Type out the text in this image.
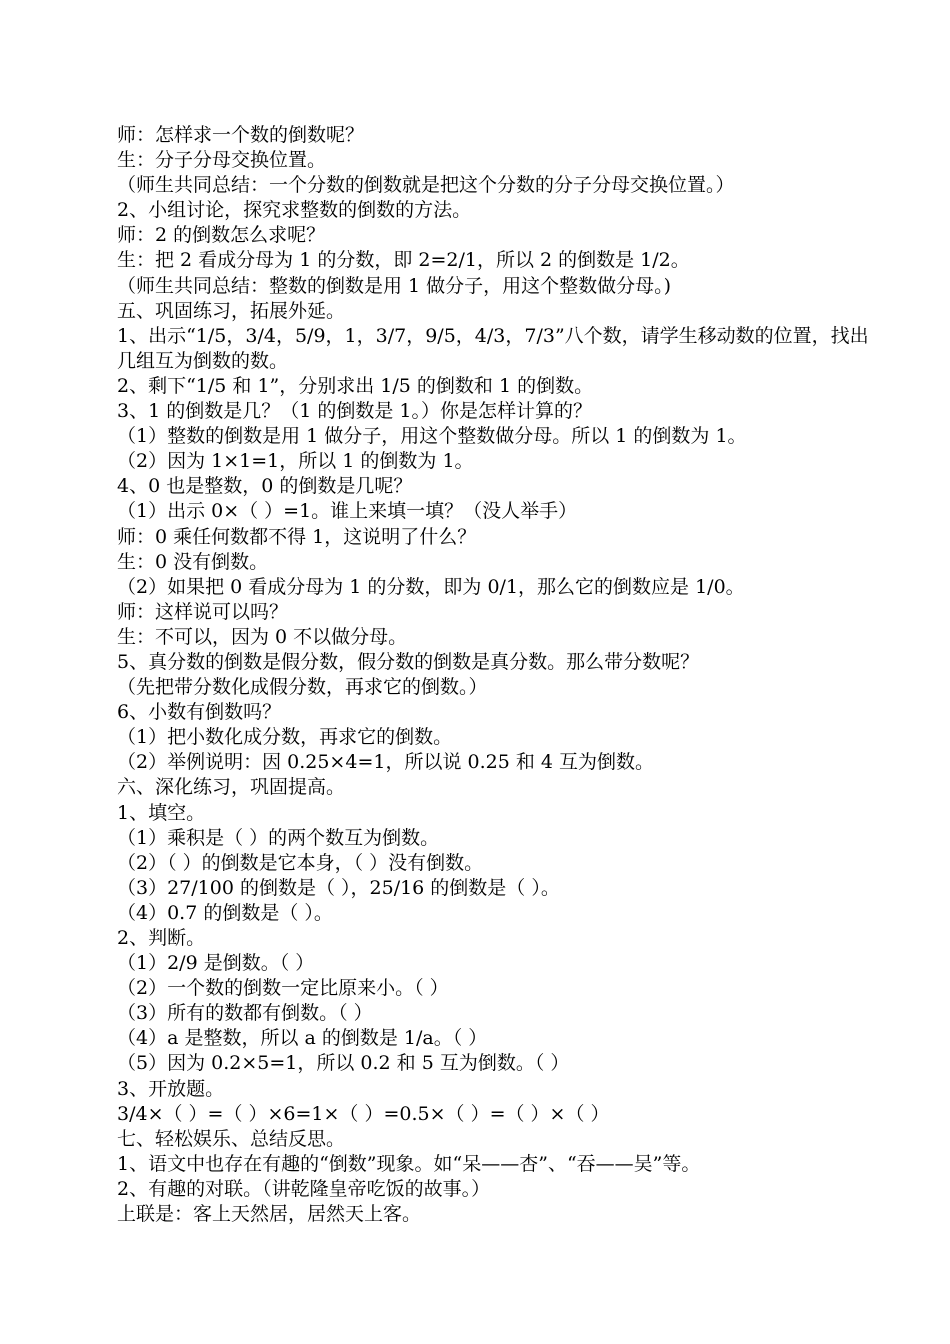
师：怎样求一个数的倒数呢？

生：分子分母交换位置。

（师生共同总结：一个分数的倒数就是把这个分数的分子分母交换位置。）

2、小组讨论，探究求整数的倒数的方法。

师：2 的倒数怎么求呢？

生：把 2 看成分母为 1 的分数，即 2=2/1，所以 2 的倒数是 1/2。

（师生共同总结：整数的倒数是用 1 做分子，用这个整数做分母。)

五、巩固练习，拓展外延。

1、出示“1/5，3/4，5/9，1，3/7，9/5，4/3，7/3”八个数，请学生移动数的位置，找出

几组互为倒数的数。

2、剩下“1/5 和 1”，分别求出 1/5 的倒数和 1 的倒数。

3、1 的倒数是几？（1 的倒数是 1。）你是怎样计算的？

（1）整数的倒数是用 1 做分子，用这个整数做分母。所以 1 的倒数为 1。

（2）因为 1×1=1，所以 1 的倒数为 1。

4、0 也是整数，0 的倒数是几呢？

（1）出示 0×（ ）=1。谁上来填一填？（没人举手）

师：0 乘任何数都不得 1，这说明了什么？

生：0 没有倒数。

（2）如果把 0 看成分母为 1 的分数，即为 0/1，那么它的倒数应是 1/0。

师：这样说可以吗？

生：不可以，因为 0 不以做分母。

5、真分数的倒数是假分数，假分数的倒数是真分数。那么带分数呢？

（先把带分数化成假分数，再求它的倒数。）

6、小数有倒数吗？

（1）把小数化成分数，再求它的倒数。

（2）举例说明：因 0.25×4=1，所以说 0.25 和 4 互为倒数。

六、深化练习，巩固提高。

1、填空。

（1）乘积是（ ）的两个数互为倒数。

（2）（ ）的倒数是它本身，（ ）没有倒数。

（3）27/100 的倒数是（ ），25/16 的倒数是（ ）。

（4）0.7 的倒数是（ ）。

2、判断。

（1）2/9 是倒数。（ ）

（2）一个数的倒数一定比原来小。（ ）

（3）所有的数都有倒数。（ ）

（4）a 是整数，所以 a 的倒数是 1/a。（ ）

（5）因为 0.2×5=1，所以 0.2 和 5 互为倒数。（ ）

3、开放题。

3/4×（ ）=（ ）×6=1×（ ）=0.5×（ ）=（ ）×（ ）

七、轻松娱乐、总结反思。

1、语文中也存在有趣的“倒数”现象。如“呆——杏”、“吞——吴”等。

2、有趣的对联。（讲乾隆皇帝吃饭的故事。）

上联是：客上天然居，居然天上客。
